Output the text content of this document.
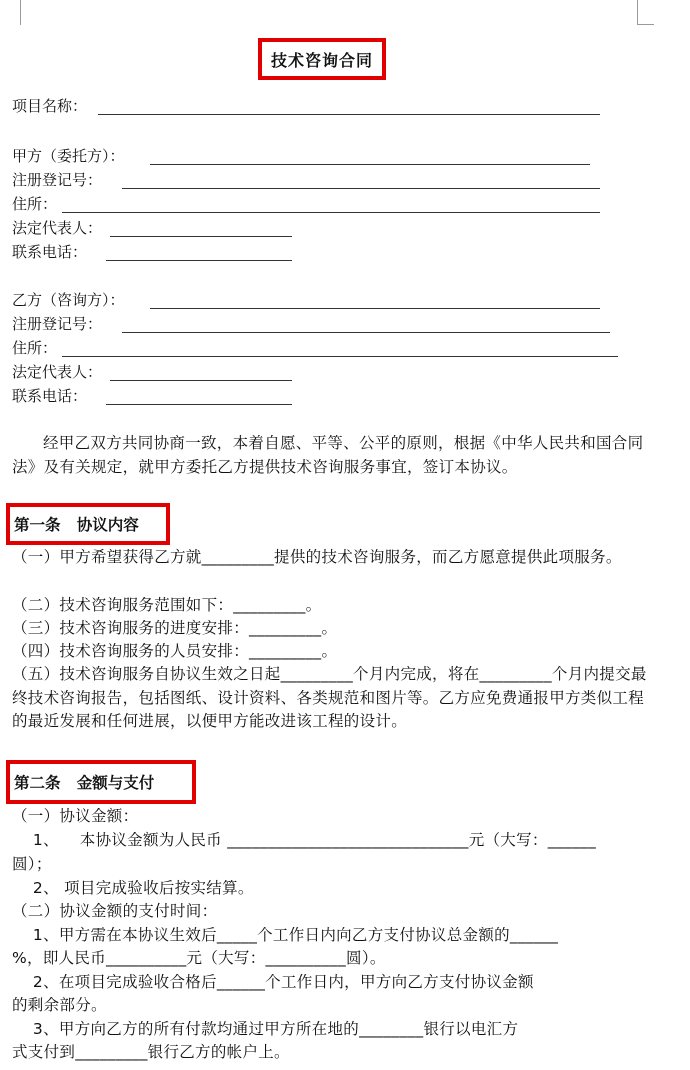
技术咨询合同
项目名称：
甲方（委托方）：
注册登记号：
住所：
法定代表人：
联系电话：
乙方（咨询方）：
注册登记号：
住所：
法定代表人：
联系电话：
经甲乙双方共同协商一致，本着自愿、平等、公平的原则，根据《中华人民共和国合同法》及有关规定，就甲方委托乙方提供技术咨询服务事宜，签订本协议。
第一条   协议内容
（一）甲方希望获得乙方就_________提供的技术咨询服务，而乙方愿意提供此项服务。
（二）技术咨询服务范围如下：_________。
（三）技术咨询服务的进度安排：_________。
（四）技术咨询服务的人员安排：_________。
（五）技术咨询服务自协议生效之日起_________个月内完成，将在_________个月内提交最终技术咨询报告，包括图纸、设计资料、各类规范和图片等。乙方应免费通报甲方类似工程的最近发展和任何进展，以便甲方能改进该工程的设计。
第二条   金额与支付
（一）协议金额：
1、    本协议金额为人民币 ______________________________元（大写：______
圆）；
2、 项目完成验收后按实结算。
（二）协议金额的支付时间：
1、甲方需在本协议生效后_____个工作日内向乙方支付协议总金额的______
%，即人民币__________元（大写：__________圆）。
2、在项目完成验收合格后______个工作日内，甲方向乙方支付协议金额
的剩余部分。
3、甲方向乙方的所有付款均通过甲方所在地的________银行以电汇方
式支付到_________银行乙方的帐户上。
